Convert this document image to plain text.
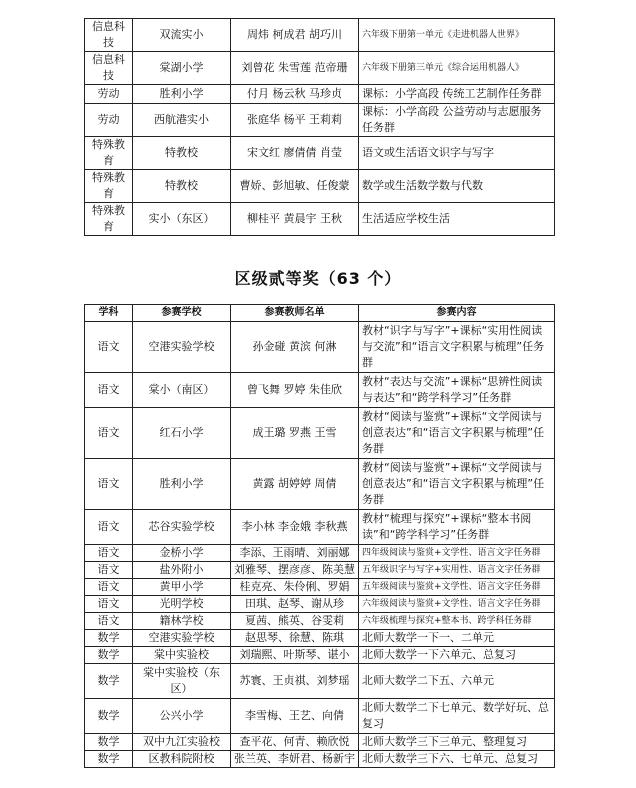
信息科技	双流实小	周炜 柯成君 胡巧川	六年级下册第一单元《走进机器人世界》
信息科技	棠湖小学	刘曾花 朱雪莲 范帝珊	六年级下册第三单元《综合运用机器人》
劳动	胜利小学	付月 杨云秋 马珍贞	课标：小学高段 传统工艺制作任务群
劳动	西航港实小	张庭华 杨平 王莉莉	课标：小学高段 公益劳动与志愿服务任务群
特殊教育	特教校	宋文红 廖倩倩 肖莹	语文或生活语文识字与写字
特殊教育	特教校	曹娇、彭旭敏、任俊蒙	数学或生活数学数与代数
特殊教育	实小（东区）	柳桂平 黄晨宇 王秋	生活适应学校生活
区级贰等奖（63 个）
学科	参赛学校	参赛教师名单	参赛内容
语文	空港实验学校	孙金碰 黄滨 何淋	教材“识字与写字”+课标“实用性阅读与交流”和“语言文字积累与梳理”任务群
语文	棠小（南区）	曾飞舞 罗婷 朱佳欣	教材“表达与交流”+课标“思辨性阅读与表达”和“跨学科学习”任务群
语文	红石小学	成王璐 罗燕 王雪	教材“阅读与鉴赏”+课标“文学阅读与创意表达”和“语言文字积累与梳理”任务群
语文	胜利小学	黄露 胡婷婷 周倩	教材“阅读与鉴赏”+课标“文学阅读与创意表达”和“语言文字积累与梳理”任务群
语文	芯谷实验学校	李小林 李金娥 李秋燕	教材“梳理与探究”+课标“整本书阅读”和“跨学科学习”任务群
语文	金桥小学	李添、王雨晴、刘丽娜	四年级阅读与鉴赏+文学性、语言文字任务群
语文	盐外附小	刘雅琴、摆彦彦、陈美慧	五年级识字与写字+实用性、语言文字任务群
语文	黄甲小学	桂克亮、朱伶俐、罗娟	五年级阅读与鉴赏+文学性、语言文字任务群
语文	光明学校	田琪、赵琴、谢从珍	六年级阅读与鉴赏+文学性、语言文字任务群
语文	籍林学校	夏茜、熊英、谷雯莉	六年级梳理与探究+整本书、跨学科任务群
数学	空港实验学校	赵思琴、徐慧、陈琪	北师大数学一下一、二单元
数学	棠中实验校	刘瑞熙、叶斯琴、谌小	北师大数学一下六单元、总复习
数学	棠中实验校（东区）	苏寰、王贞祺、刘梦瑶	北师大数学二下五、六单元
数学	公兴小学	李雪梅、王艺、向倩	北师大数学二下七单元、数学好玩、总复习
数学	双中九江实验校	查平花、何青、赖欣悦	北师大数学三下三单元、整理复习
数学	区教科院附校	张兰英、李妍君、杨新宇	北师大数学三下六、七单元、总复习
